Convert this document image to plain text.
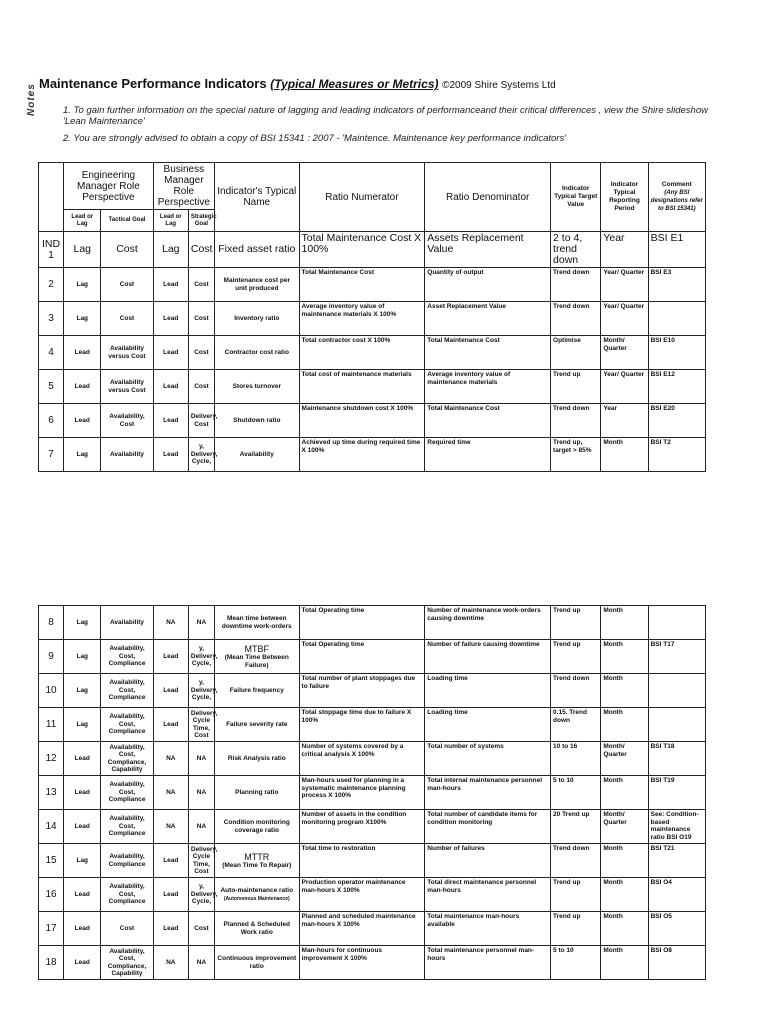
Maintenance Performance Indicators (Typical Measures or Metrics) ©2009 Shire Systems Ltd
Notes	1. To gain further information on the special nature of lagging and leading indicators of performanceand their critical differences , view the Shire slideshow 'Lean Maintenance'
2. You are strongly advised to obtain a copy of BSI 15341 : 2007 - 'Maintence. Maintenance key performance indicators'
	Engineering Manager Role Perspective		Business Manager Role Perspective		Indicator's Typical Name	Ratio Numerator	Ratio Denominator	Indicator Typical Target Value	Indicator Typical Reporting Period	Comment
(Any BSI designations refer to BSI 15341)
	Lead or Lag	Tactical Goal	Lead or Lag	Strategic Goal						
IND 1	Lag	Cost	Lag	Cost	Fixed asset ratio	Total Maintenance Cost X 100%	Assets Replacement Value	2 to 4, trend down	Year	BSI E1
2	Lag	Cost	Lead	Cost	Maintenance cost per unit produced	Total Maintenance Cost	Quantity of output	Trend down	Year/ Quarter	BSI E3
3	Lag	Cost	Lead	Cost	Inventory ratio	Average inventory value of maintenance materials X 100%	Asset Replacement Value	Trend down	Year/ Quarter	
4	Lead	Availability versus Cost	Lead	Cost	Contractor cost ratio	Total contractor cost X 100%	Total Maintenance Cost	Optimise	Month/ Quarter	BSI E10
5	Lead	Availability versus Cost	Lead	Cost	Stores turnover	Total cost of maintenance materials	Average inventory value of maintenance materials	Trend up	Year/ Quarter	BSI E12
6	Lead	Availability, Cost	Lead	Delivery, Cost	Shutdown ratio	Maintenance shutdown cost X 100%	Total Maintenance Cost	Trend down	Year	BSI E20
7	Lag	Availability	Lead	y, Delivery, Cycle,	Availability	Achieved up time during required time X 100%	Required time	Trend up, target > 85%	Month	BSI T2
8	Lag	Availability	NA	NA	Mean time between downtime work-orders	Total Operating time	Number of maintenance work-orders causing downtime	Trend up	Month	
9	Lag	Availability, Cost, Compliance	Lead	y, Delivery, Cycle,	MTBF
(Mean Time Between Failure)	Total Operating time	Number of failure causing downtime	Trend up	Month	BSI T17
10	Lag	Availability, Cost, Compliance	Lead	y, Delivery, Cycle,	Failure frequency	Total number of plant stoppages due to failure	Loading time	Trend down	Month	
11	Lag	Availability, Cost, Compliance	Lead	Delivery, Cycle Time, Cost	Failure severity rate	Total stoppage time due to failure X 100%	Loading time	0.15. Trend down	Month	
12	Lead	Availability, Cost, Compliance, Capability	NA	NA	Risk Analysis ratio	Number of systems covered by a critical analysis X 100%	Total number of systems	10 to 16	Month/ Quarter	BSI T18
13	Lead	Availability, Cost, Compliance	NA	NA	Planning ratio	Man-hours used for planning in a systematic maintenance planning process X 100%	Total internal maintenance personnel man-hours	5 to 10	Month	BSI T19
14	Lead	Availability, Cost, Compliance	NA	NA	Condition monitoring coverage ratio	Number of assets in the condition monitoring program X100%	Total number of candidate items for condition monitoring	20 Trend up	Month/ Quarter	See: Condition-based maintenance ratio BSI O19
15	Lag	Availability, Compliance	Lead	Delivery, Cycle Time, Cost	MTTR
(Mean Time To Repair)	Total time to restoration	Number of failures	Trend down	Month	BSI T21
16	Lead	Availability, Cost, Compliance	Lead	y, Delivery, Cycle,	Auto-maintenance ratio
(Autonomous Maintenance)	Production operator maintenance man-hours X 100%	Total direct maintenance personnel man-hours	Trend up	Month	BSI O4
17	Lead	Cost	Lead	Cost	Planned & Scheduled Work ratio	Planned and scheduled maintenance man-hours X 100%	Total maintenance man-hours available	Trend up	Month	BSI O5
18	Lead	Availability, Cost, Compliance, Capability	NA	NA	Continuous improvement ratio	Man-hours for continuous improvement X 100%	Total maintenance personnel man-hours	5 to 10	Month	BSI O8
